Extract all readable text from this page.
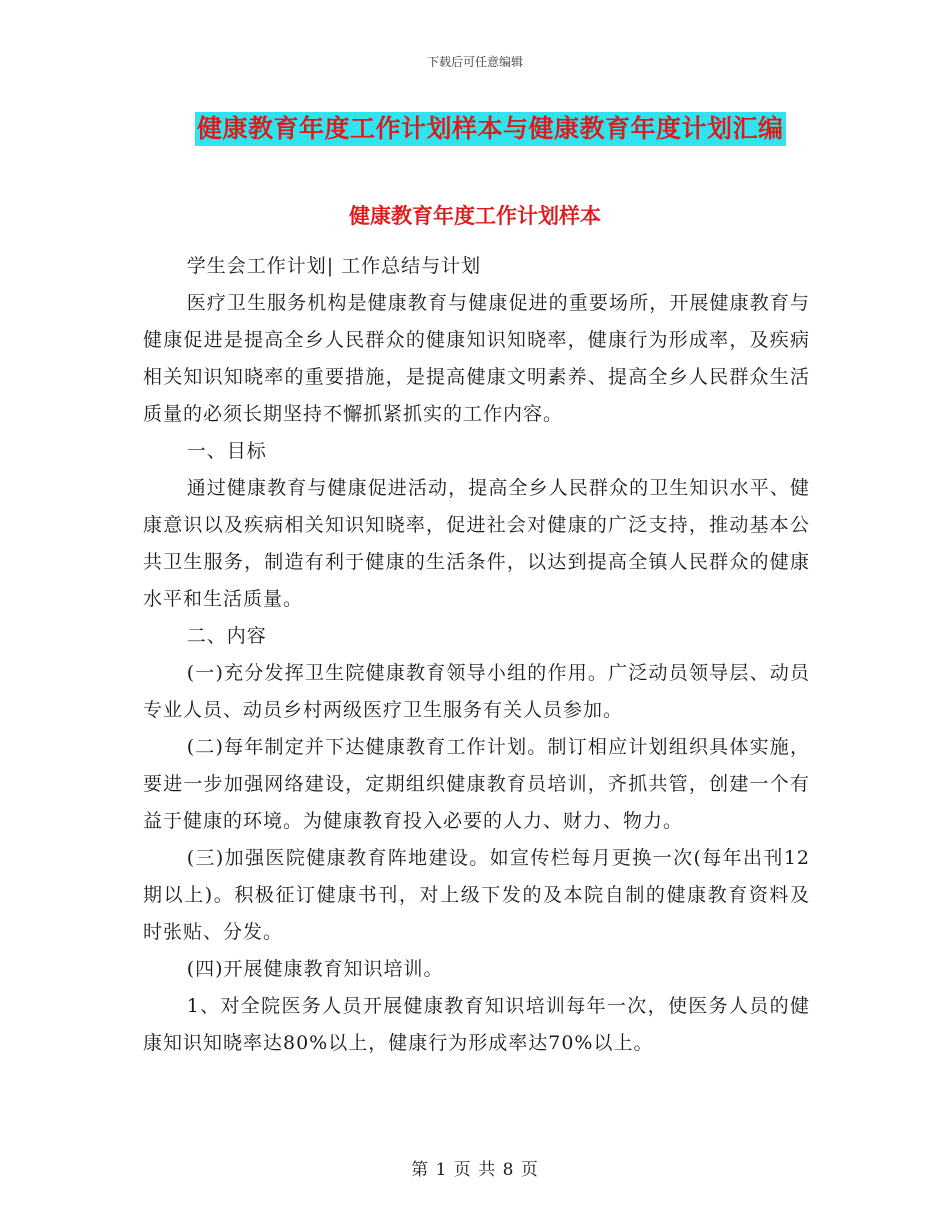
下载后可任意编辑
健康教育年度工作计划样本与健康教育年度计划汇编
健康教育年度工作计划样本

学生会工作计划| 工作总结与计划

医疗卫生服务机构是健康教育与健康促进的重要场所，开展健康教育与健康促进是提高全乡人民群众的健康知识知晓率，健康行为形成率，及疾病相关知识知晓率的重要措施，是提高健康文明素养、提高全乡人民群众生活质量的必须长期坚持不懈抓紧抓实的工作内容。

一、目标

通过健康教育与健康促进活动，提高全乡人民群众的卫生知识水平、健康意识以及疾病相关知识知晓率，促进社会对健康的广泛支持，推动基本公共卫生服务，制造有利于健康的生活条件，以达到提高全镇人民群众的健康水平和生活质量。

二、内容

(一)充分发挥卫生院健康教育领导小组的作用。广泛动员领导层、动员专业人员、动员乡村两级医疗卫生服务有关人员参加。

(二)每年制定并下达健康教育工作计划。制订相应计划组织具体实施，要进一步加强网络建设，定期组织健康教育员培训，齐抓共管，创建一个有益于健康的环境。为健康教育投入必要的人力、财力、物力。

(三)加强医院健康教育阵地建设。如宣传栏每月更换一次(每年出刊12期以上)。积极征订健康书刊，对上级下发的及本院自制的健康教育资料及时张贴、分发。

(四)开展健康教育知识培训。

1、对全院医务人员开展健康教育知识培训每年一次，使医务人员的健康知识知晓率达80%以上，健康行为形成率达70%以上。

第 1 页 共 8 页
